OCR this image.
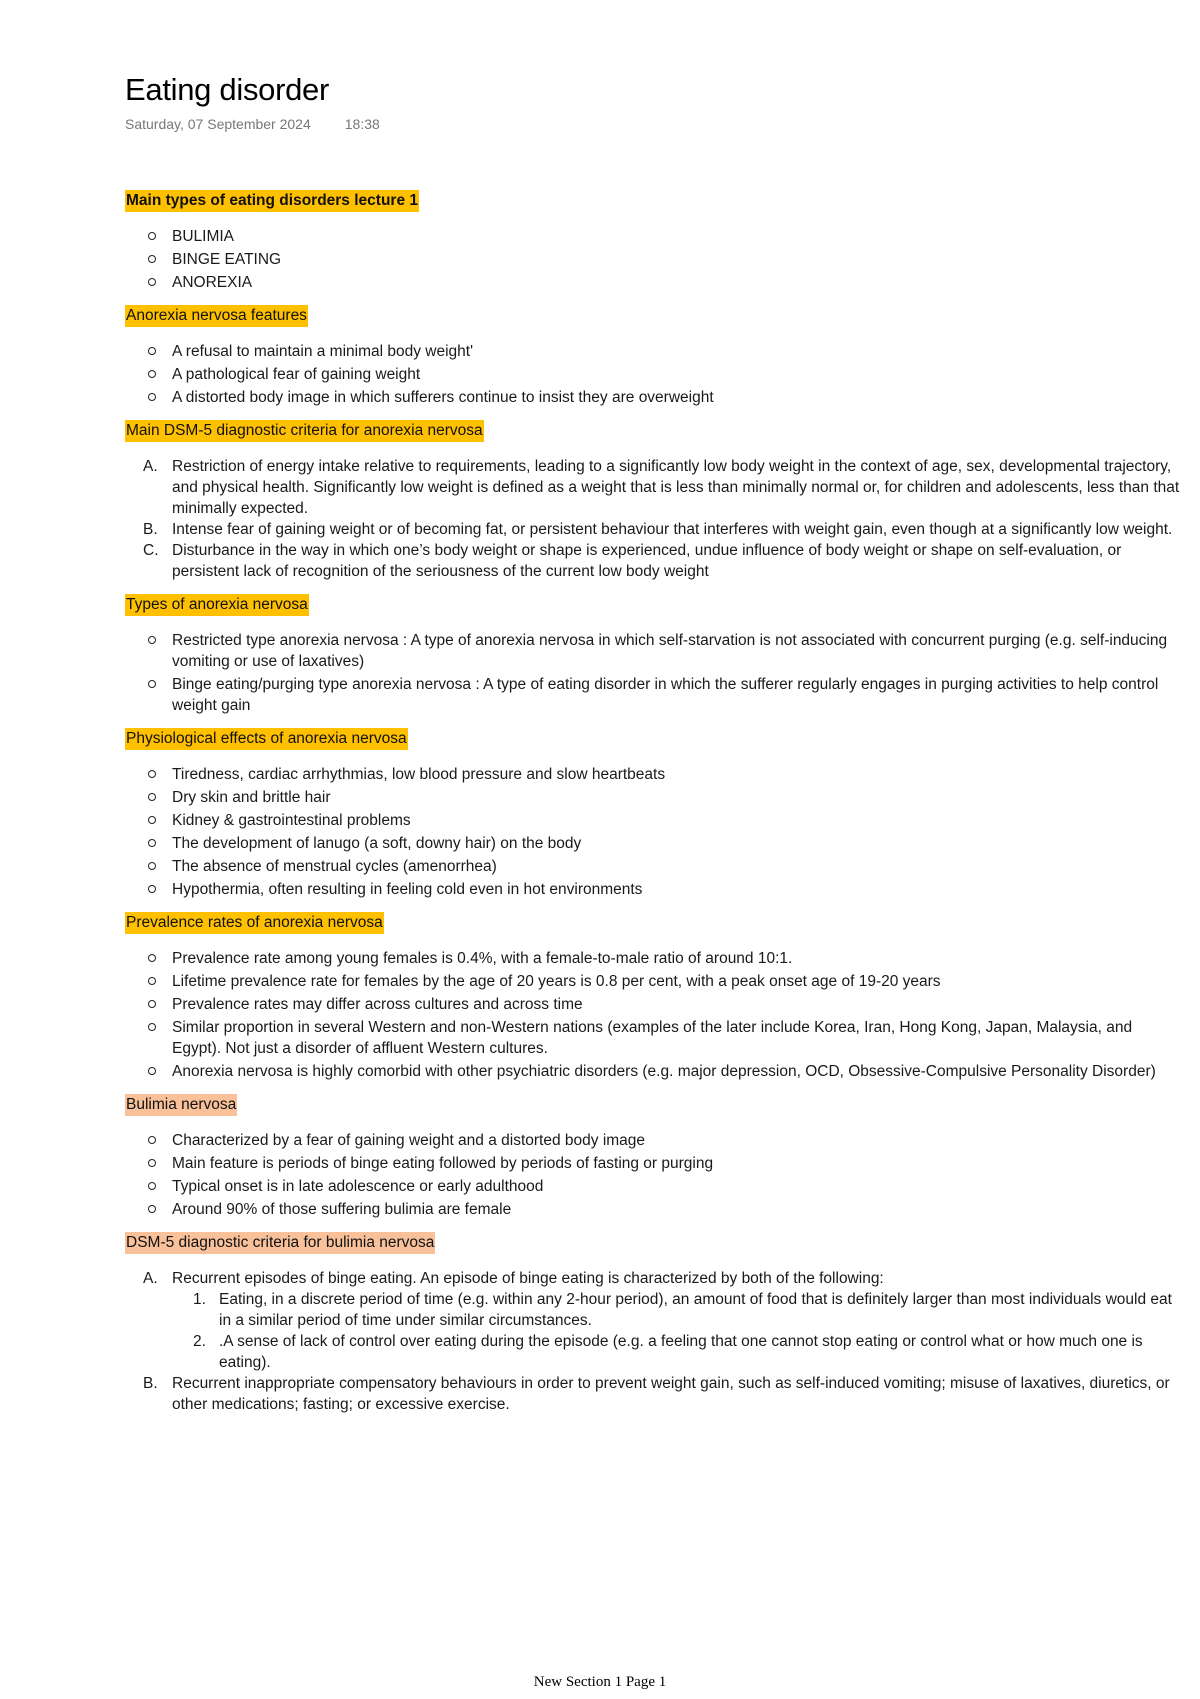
Eating disorder
Saturday, 07 September 2024 18:38
Main types of eating disorders lecture 1
BULIMIA
BINGE EATING
ANOREXIA
Anorexia nervosa features
A refusal to maintain a minimal body weight'
A pathological fear of gaining weight
A distorted body image in which sufferers continue to insist they are overweight
Main DSM-5 diagnostic criteria for anorexia nervosa
A. Restriction of energy intake relative to requirements, leading to a significantly low body weight in the context of age, sex, developmental trajectory, and physical health. Significantly low weight is defined as a weight that is less than minimally normal or, for children and adolescents, less than that minimally expected.
B. Intense fear of gaining weight or of becoming fat, or persistent behaviour that interferes with weight gain, even though at a significantly low weight.
C. Disturbance in the way in which one’s body weight or shape is experienced, undue influence of body weight or shape on self-evaluation, or persistent lack of recognition of the seriousness of the current low body weight
Types of anorexia nervosa
Restricted type anorexia nervosa : A type of anorexia nervosa in which self-starvation is not associated with concurrent purging (e.g. self-inducing vomiting or use of laxatives)
Binge eating/purging type anorexia nervosa : A type of eating disorder in which the sufferer regularly engages in purging activities to help control weight gain
Physiological effects of anorexia nervosa
Tiredness, cardiac arrhythmias, low blood pressure and slow heartbeats
Dry skin and brittle hair
Kidney & gastrointestinal problems
The development of lanugo (a soft, downy hair) on the body
The absence of menstrual cycles (amenorrhea)
Hypothermia, often resulting in feeling cold even in hot environments
Prevalence rates of anorexia nervosa
Prevalence rate among young females is 0.4%, with a female-to-male ratio of around 10:1.
Lifetime prevalence rate for females by the age of 20 years is 0.8 per cent, with a peak onset age of 19-20 years
Prevalence rates may differ across cultures and across time
Similar proportion in several Western and non-Western nations (examples of the later include Korea, Iran, Hong Kong, Japan, Malaysia, and Egypt). Not just a disorder of affluent Western cultures.
Anorexia nervosa is highly comorbid with other psychiatric disorders (e.g. major depression, OCD, Obsessive-Compulsive Personality Disorder)
Bulimia nervosa
Characterized by a fear of gaining weight and a distorted body image
Main feature is periods of binge eating followed by periods of fasting or purging
Typical onset is in late adolescence or early adulthood
Around 90% of those suffering bulimia are female
DSM-5 diagnostic criteria for bulimia nervosa
A. Recurrent episodes of binge eating. An episode of binge eating is characterized by both of the following:
1. Eating, in a discrete period of time (e.g. within any 2-hour period), an amount of food that is definitely larger than most individuals would eat in a similar period of time under similar circumstances.
2. .A sense of lack of control over eating during the episode (e.g. a feeling that one cannot stop eating or control what or how much one is eating).
B. Recurrent inappropriate compensatory behaviours in order to prevent weight gain, such as self-induced vomiting; misuse of laxatives, diuretics, or other medications; fasting; or excessive exercise.
New Section 1 Page 1
